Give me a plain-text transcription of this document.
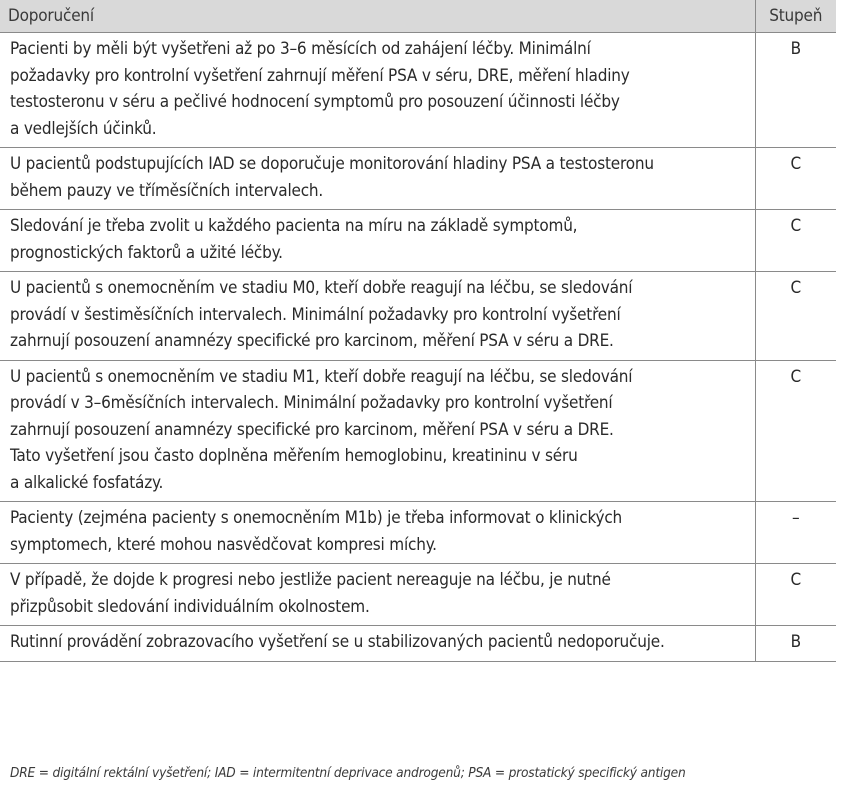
Doporučení	Stupeň
Pacienti by měli být vyšetřeni až po 3–6 měsících od zahájení léčby. Minimální
požadavky pro kontrolní vyšetření zahrnují měření PSA v séru, DRE, měření hladiny
testosteronu v séru a pečlivé hodnocení symptomů pro posouzení účinnosti léčby
a vedlejších účinků.	B
U pacientů podstupujících IAD se doporučuje monitorování hladiny PSA a testosteronu
během pauzy ve tříměsíčních intervalech.	C
Sledování je třeba zvolit u každého pacienta na míru na základě symptomů,
prognostických faktorů a užité léčby.	C
U pacientů s onemocněním ve stadiu M0, kteří dobře reagují na léčbu, se sledování
provádí v šestiměsíčních intervalech. Minimální požadavky pro kontrolní vyšetření
zahrnují posouzení anamnézy specifické pro karcinom, měření PSA v séru a DRE.	C
U pacientů s onemocněním ve stadiu M1, kteří dobře reagují na léčbu, se sledování
provádí v 3–6měsíčních intervalech. Minimální požadavky pro kontrolní vyšetření
zahrnují posouzení anamnézy specifické pro karcinom, měření PSA v séru a DRE.
Tato vyšetření jsou často doplněna měřením hemoglobinu, kreatininu v séru
a alkalické fosfatázy.	C
Pacienty (zejména pacienty s onemocněním M1b) je třeba informovat o klinických
symptomech, které mohou nasvědčovat kompresi míchy.	–
V případě, že dojde k progresi nebo jestliže pacient nereaguje na léčbu, je nutné
přizpůsobit sledování individuálním okolnostem.	C
Rutinní provádění zobrazovacího vyšetření se u stabilizovaných pacientů nedoporučuje.	B
DRE = digitální rektální vyšetření; IAD = intermitentní deprivace androgenů; PSA = prostatický specifický antigen
